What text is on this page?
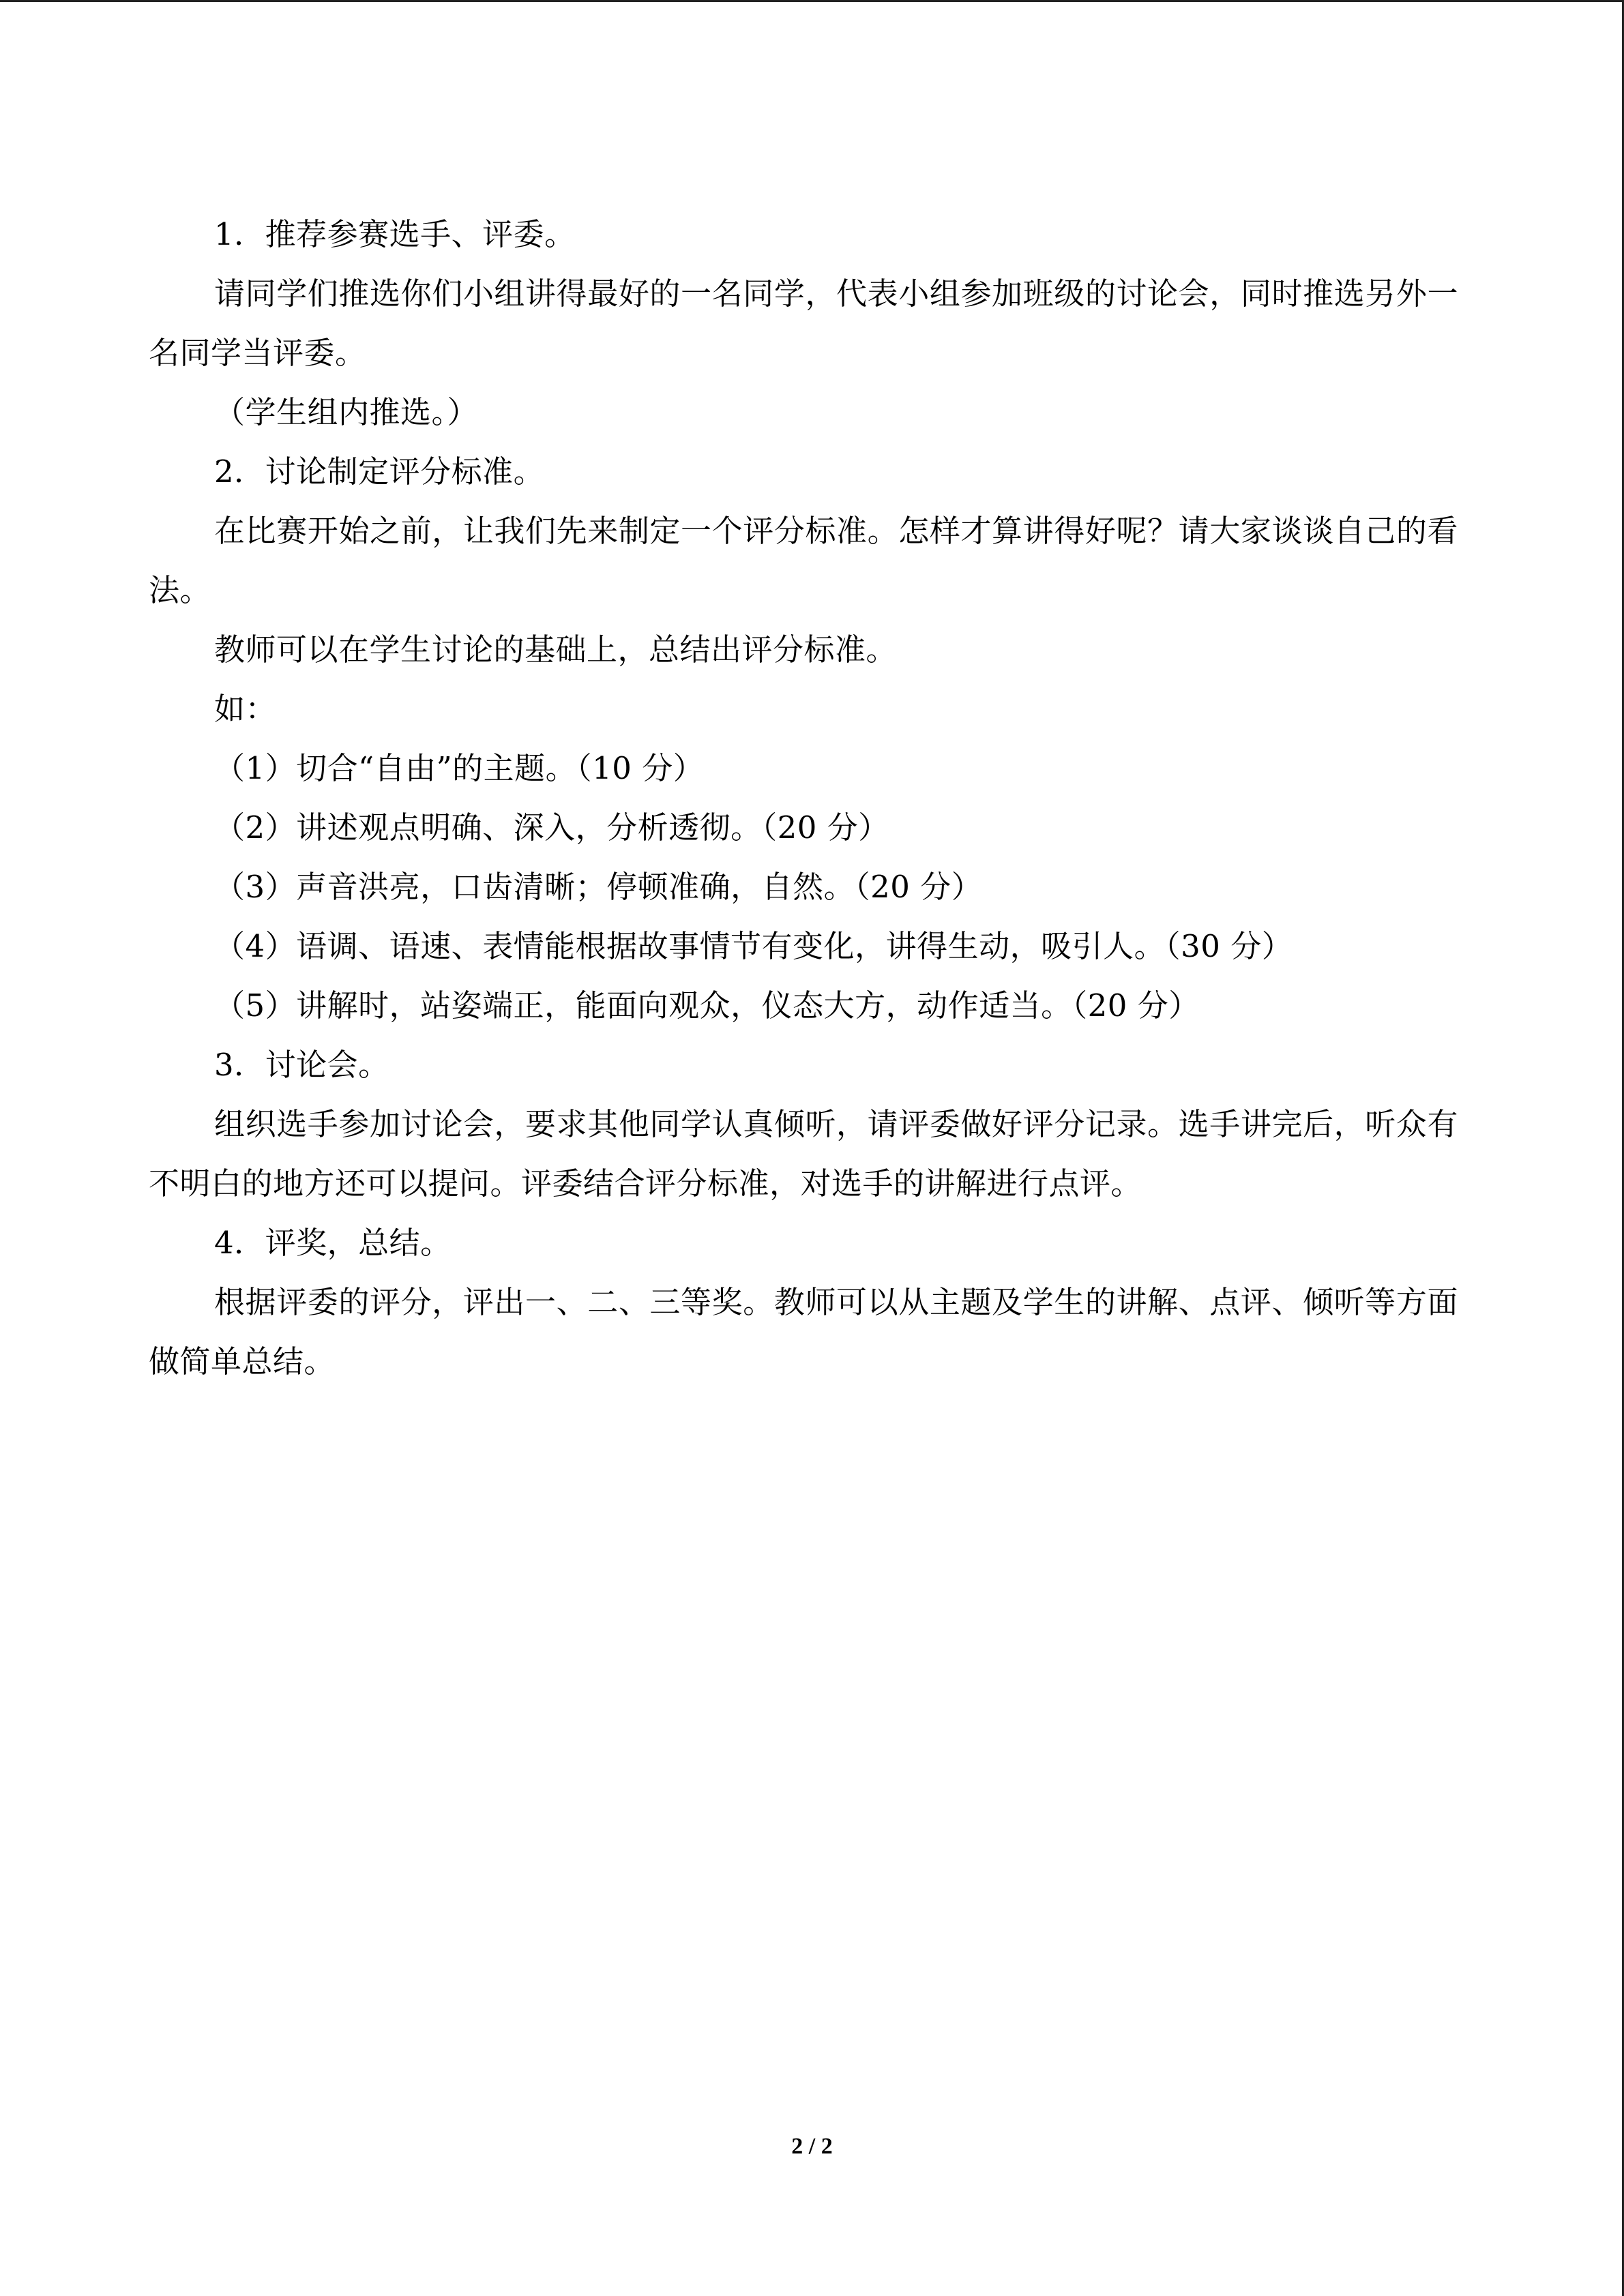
1．推荐参赛选手、评委。

请同学们推选你们小组讲得最好的一名同学，代表小组参加班级的讨论会，同时推选另外一名同学当评委。

（学生组内推选。）

2．讨论制定评分标准。

在比赛开始之前，让我们先来制定一个评分标准。怎样才算讲得好呢？请大家谈谈自己的看法。

教师可以在学生讨论的基础上，总结出评分标准。

如：

（1）切合“自由”的主题。（10 分）

（2）讲述观点明确、深入，分析透彻。（20 分）

（3）声音洪亮，口齿清晰；停顿准确，自然。（20 分）

（4）语调、语速、表情能根据故事情节有变化，讲得生动，吸引人。（30 分）

（5）讲解时，站姿端正，能面向观众，仪态大方，动作适当。（20 分）

3．讨论会。

组织选手参加讨论会，要求其他同学认真倾听，请评委做好评分记录。选手讲完后，听众有不明白的地方还可以提问。评委结合评分标准，对选手的讲解进行点评。

4．评奖，总结。

根据评委的评分，评出一、二、三等奖。教师可以从主题及学生的讲解、点评、倾听等方面做简单总结。

2 / 2
